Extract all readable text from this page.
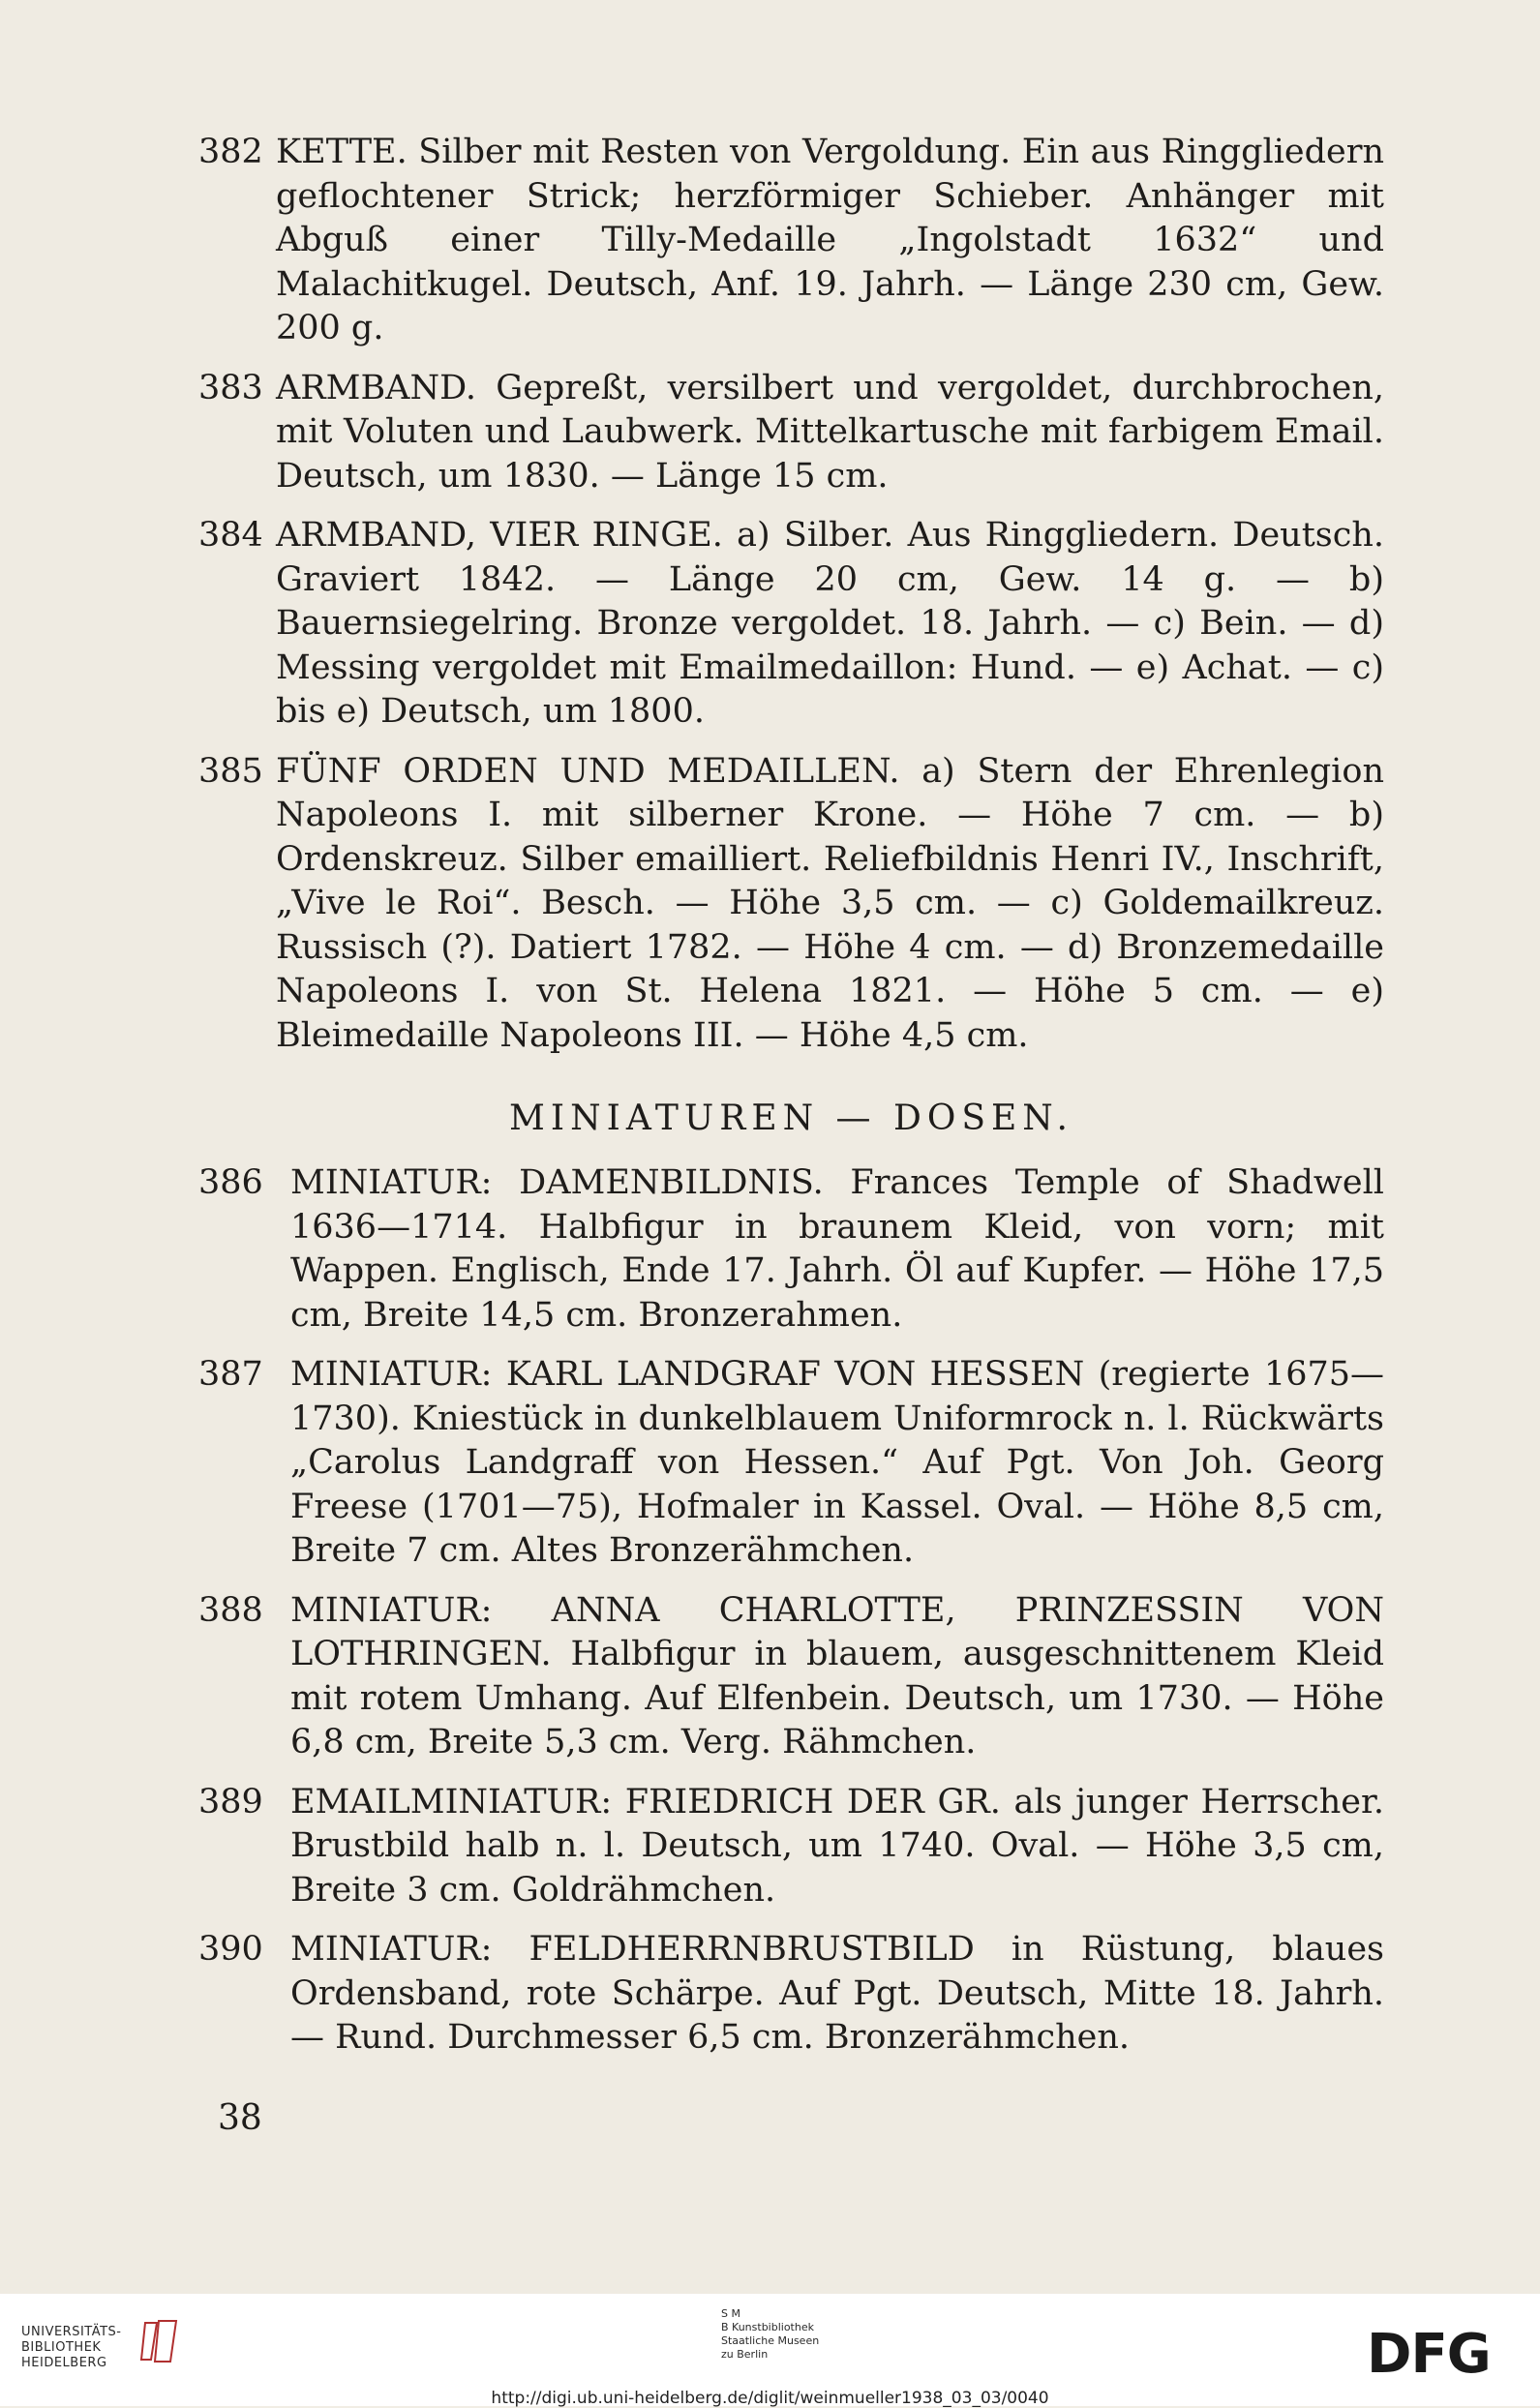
382 KETTE. Silber mit Resten von Vergoldung. Ein aus Ringgliedern geflochtener Strick; herzförmiger Schieber. Anhänger mit Abguß einer Tilly-Medaille „Ingolstadt 1632“ und Malachitkugel. Deutsch, Anf. 19. Jahrh. — Länge 230 cm, Gew. 200 g.
383 ARMBAND. Gepreßt, versilbert und vergoldet, durchbrochen, mit Voluten und Laubwerk. Mittelkartusche mit farbigem Email. Deutsch, um 1830. — Länge 15 cm.
384 ARMBAND, VIER RINGE. a) Silber. Aus Ringgliedern. Deutsch. Graviert 1842. — Länge 20 cm, Gew. 14 g. — b) Bauernsiegelring. Bronze vergoldet. 18. Jahrh. — c) Bein. — d) Messing vergoldet mit Emailmedaillon: Hund. — e) Achat. — c) bis e) Deutsch, um 1800.
385 FÜNF ORDEN UND MEDAILLEN. a) Stern der Ehrenlegion Napoleons I. mit silberner Krone. — Höhe 7 cm. — b) Ordenskreuz. Silber emailliert. Reliefbildnis Henri IV., Inschrift, „Vive le Roi“. Besch. — Höhe 3,5 cm. — c) Goldemailkreuz. Russisch (?). Datiert 1782. — Höhe 4 cm. — d) Bronzemedaille Napoleons I. von St. Helena 1821. — Höhe 5 cm. — e) Bleimedaille Napoleons III. — Höhe 4,5 cm.
MINIATUREN — DOSEN.
386 MINIATUR: DAMENBILDNIS. Frances Temple of Shadwell 1636—1714. Halbfigur in braunem Kleid, von vorn; mit Wappen. Englisch, Ende 17. Jahrh. Öl auf Kupfer. — Höhe 17,5 cm, Breite 14,5 cm. Bronzerahmen.
387 MINIATUR: KARL LANDGRAF VON HESSEN (regierte 1675—1730). Kniestück in dunkelblauem Uniformrock n. l. Rückwärts „Carolus Landgraff von Hessen.“ Auf Pgt. Von Joh. Georg Freese (1701—75), Hofmaler in Kassel. Oval. — Höhe 8,5 cm, Breite 7 cm. Altes Bronzerähmchen.
388 MINIATUR: ANNA CHARLOTTE, PRINZESSIN VON LOTHRINGEN. Halbfigur in blauem, ausgeschnittenem Kleid mit rotem Umhang. Auf Elfenbein. Deutsch, um 1730. — Höhe 6,8 cm, Breite 5,3 cm. Verg. Rähmchen.
389 EMAILMINIATUR: FRIEDRICH DER GR. als junger Herrscher. Brustbild halb n. l. Deutsch, um 1740. Oval. — Höhe 3,5 cm, Breite 3 cm. Goldrähmchen.
390 MINIATUR: FELDHERRNBRUSTBILD in Rüstung, blaues Ordensband, rote Schärpe. Auf Pgt. Deutsch, Mitte 18. Jahrh. — Rund. Durchmesser 6,5 cm. Bronzerähmchen.
38
UNIVERSITÄTS-
BIBLIOTHEK
HEIDELBERG
S M
B Kunstbibliothek
Staatliche Museen
zu Berlin	DFG
http://digi.ub.uni-heidelberg.de/diglit/weinmueller1938_03_03/0040
